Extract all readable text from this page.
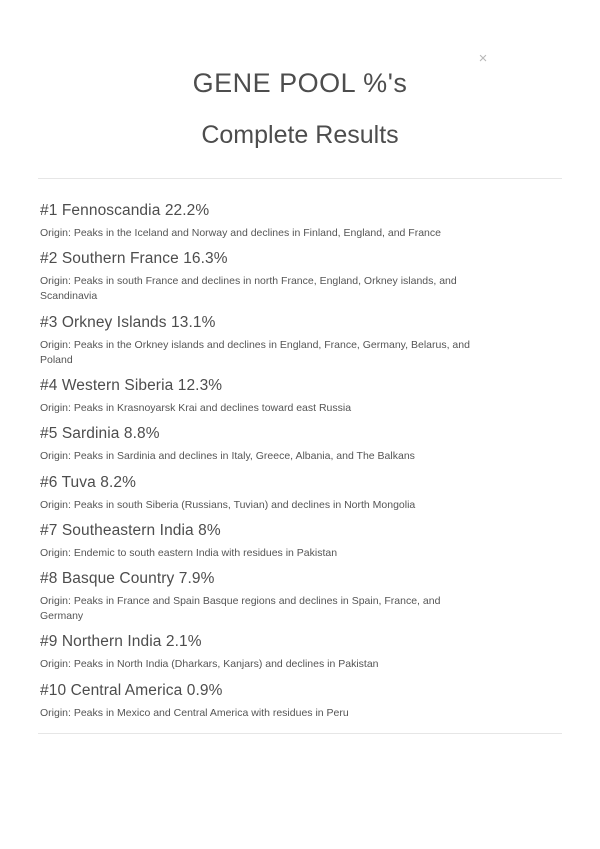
×
GENE POOL %'s
Complete Results
#1 Fennoscandia 22.2%
Origin: Peaks in the Iceland and Norway and declines in Finland, England, and France
#2 Southern France 16.3%
Origin: Peaks in south France and declines in north France, England, Orkney islands, and Scandinavia
#3 Orkney Islands 13.1%
Origin: Peaks in the Orkney islands and declines in England, France, Germany, Belarus, and Poland
#4 Western Siberia 12.3%
Origin: Peaks in Krasnoyarsk Krai and declines toward east Russia
#5 Sardinia 8.8%
Origin: Peaks in Sardinia and declines in Italy, Greece, Albania, and The Balkans
#6 Tuva 8.2%
Origin: Peaks in south Siberia (Russians, Tuvian) and declines in North Mongolia
#7 Southeastern India 8%
Origin: Endemic to south eastern India with residues in Pakistan
#8 Basque Country 7.9%
Origin: Peaks in France and Spain Basque regions and declines in Spain, France, and Germany
#9 Northern India 2.1%
Origin: Peaks in North India (Dharkars, Kanjars) and declines in Pakistan
#10 Central America 0.9%
Origin: Peaks in Mexico and Central America with residues in Peru
